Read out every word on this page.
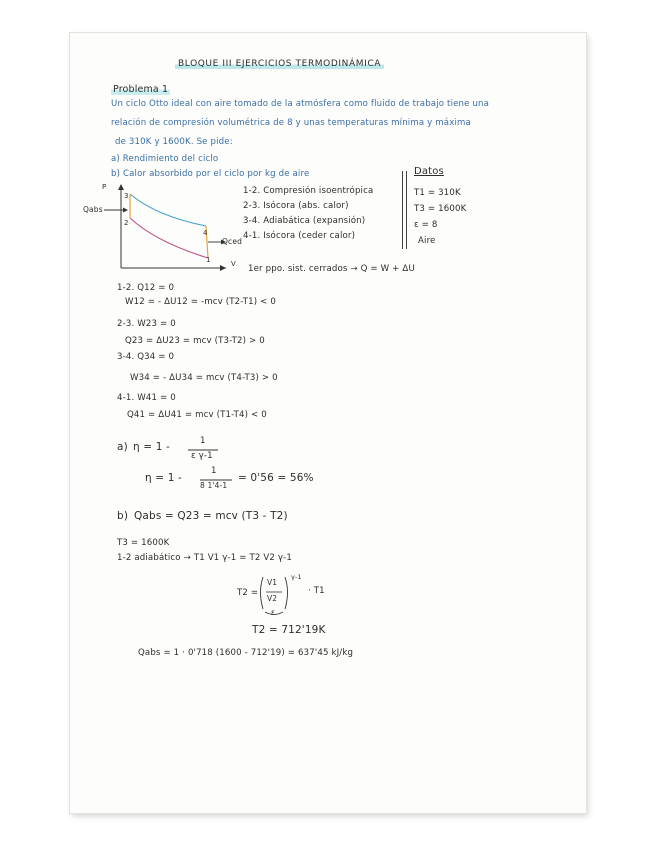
BLOQUE III EJERCICIOS TERMODINÁMICA
Problema 1
Un ciclo Otto ideal con aire tomado de la atmósfera como fluido de trabajo tiene una
relación de compresión volumétrica de 8 y unas temperaturas mínima y máxima
de 310K y 1600K. Se pide:
a) Rendimiento del ciclo
b) Calor absorbido por el ciclo por kg de aire
P
V
Qabs
Qced
1
2
3
4
1-2. Compresión isoentrópica
2-3. Isócora (abs. calor)
3-4. Adiabática (expansión)
4-1. Isócora (ceder calor)
Datos
T1 = 310K
T3 = 1600K
ε = 8
Aire
1er ppo. sist. cerrados → Q = W + ΔU
1-2. Q12 = 0
W12 = - ΔU12 = -mcv (T2-T1) < 0
2-3. W23 = 0
Q23 = ΔU23 = mcv (T3-T2) > 0
3-4. Q34 = 0
W34 = - ΔU34 = mcv (T4-T3) > 0
4-1. W41 = 0
Q41 = ΔU41 = mcv (T1-T4) < 0
a) η = 1 -	1
ε γ-1
η = 1 -
1
8 1'4-1
= 0'56 = 56%
b) Qabs = Q23 = mcv (T3 - T2)
T3 = 1600K
1-2 adiabático → T1 V1 γ-1 = T2 V2 γ-1
T2 =
V1
V2
γ-1
· T1
ε
T2 = 712'19K
Qabs = 1 · 0'718 (1600 - 712'19) = 637'45 kJ/kg
